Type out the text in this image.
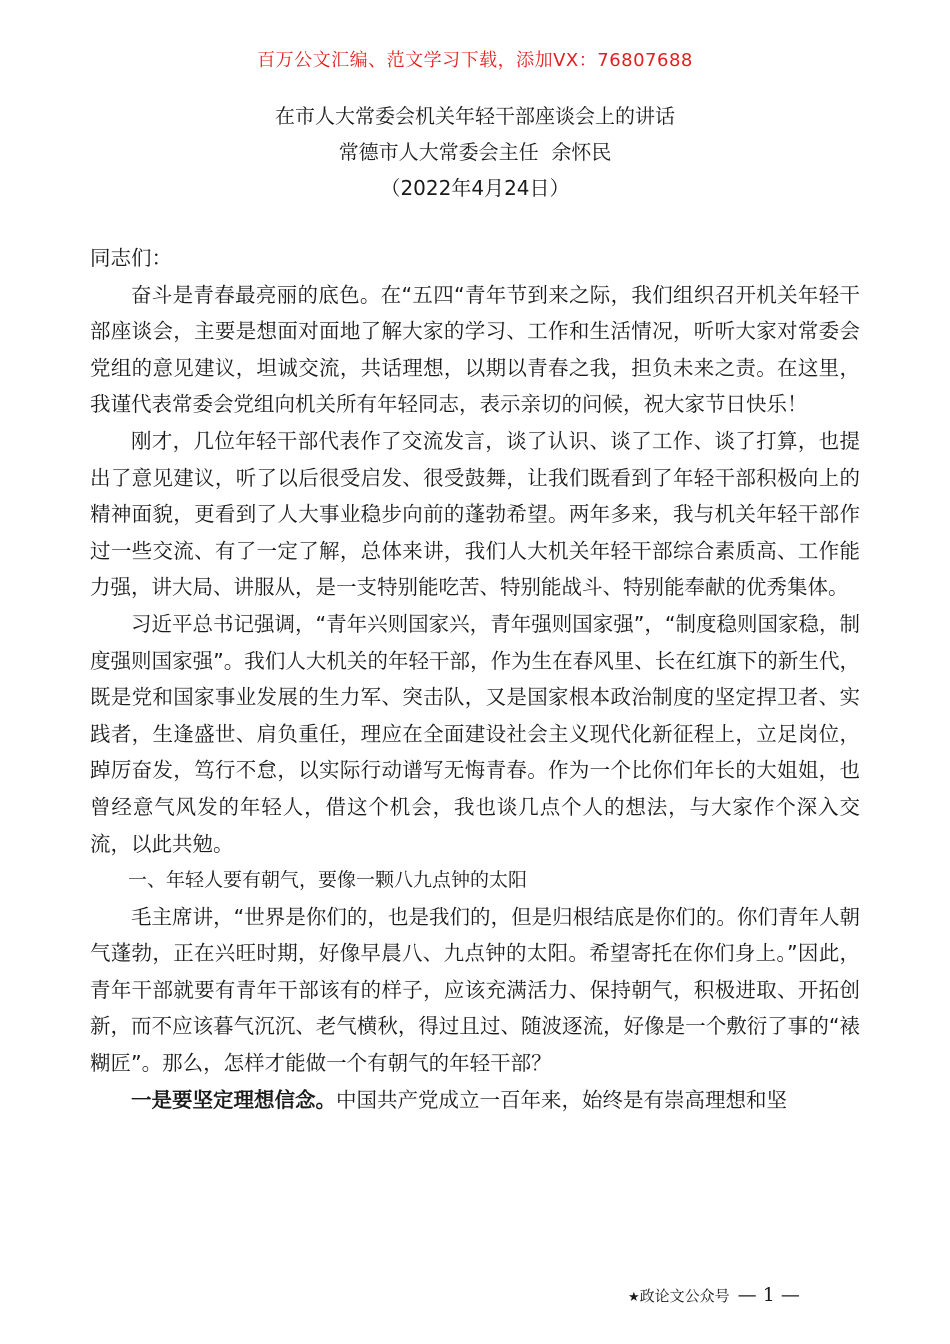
百万公文汇编、范文学习下载，添加VX：76807688
在市人大常委会机关年轻干部座谈会上的讲话
常德市人大常委会主任  余怀民
（2022年4月24日）

同志们：

奋斗是青春最亮丽的底色。在“五四“青年节到来之际，我们组织召开机关年轻干部座谈会，主要是想面对面地了解大家的学习、工作和生活情况，听听大家对常委会党组的意见建议，坦诚交流，共话理想，以期以青春之我，担负未来之责。在这里，我谨代表常委会党组向机关所有年轻同志，表示亲切的问候，祝大家节日快乐！

刚才，几位年轻干部代表作了交流发言，谈了认识、谈了工作、谈了打算，也提出了意见建议，听了以后很受启发、很受鼓舞，让我们既看到了年轻干部积极向上的精神面貌，更看到了人大事业稳步向前的蓬勃希望。两年多来，我与机关年轻干部作过一些交流、有了一定了解，总体来讲，我们人大机关年轻干部综合素质高、工作能力强，讲大局、讲服从，是一支特别能吃苦、特别能战斗、特别能奉献的优秀集体。

习近平总书记强调，“青年兴则国家兴，青年强则国家强”，“制度稳则国家稳，制度强则国家强”。我们人大机关的年轻干部，作为生在春风里、长在红旗下的新生代，既是党和国家事业发展的生力军、突击队，又是国家根本政治制度的坚定捍卫者、实践者，生逢盛世、肩负重任，理应在全面建设社会主义现代化新征程上，立足岗位，踔厉奋发，笃行不怠，以实际行动谱写无悔青春。作为一个比你们年长的大姐姐，也曾经意气风发的年轻人，借这个机会，我也谈几点个人的想法，与大家作个深入交流，以此共勉。

一、年轻人要有朝气，要像一颗八九点钟的太阳

毛主席讲，“世界是你们的，也是我们的，但是归根结底是你们的。你们青年人朝气蓬勃，正在兴旺时期，好像早晨八、九点钟的太阳。希望寄托在你们身上。”因此，青年干部就要有青年干部该有的样子，应该充满活力、保持朝气，积极进取、开拓创新，而不应该暮气沉沉、老气横秋，得过且过、随波逐流，好像是一个敷衍了事的“裱糊匠”。那么，怎样才能做一个有朝气的年轻干部？

一是要坚定理想信念。中国共产党成立一百年来，始终是有崇高理想和坚

★政论文公众号 — 1 —
